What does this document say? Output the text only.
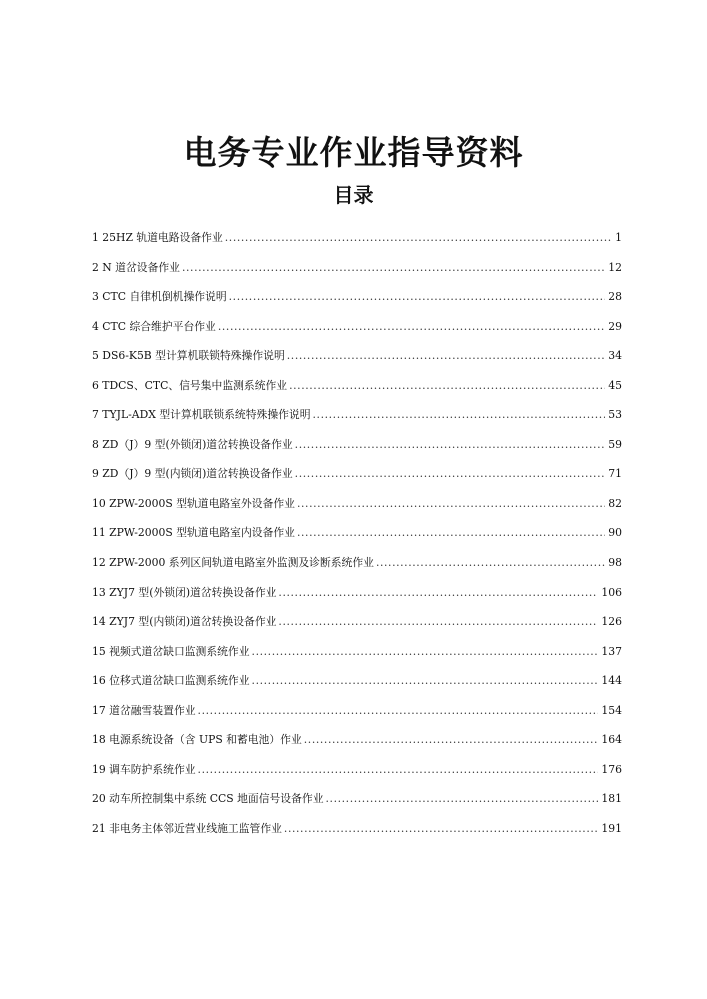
电务专业作业指导资料
目录
1 25HZ 轨道电路设备作业 .....	1
2 N 道岔设备作业 .....	12
3 CTC 自律机倒机操作说明 .....	28
4 CTC 综合维护平台作业 .....	29
5 DS6-K5B 型计算机联锁特殊操作说明 .....	34
6 TDCS、CTC、信号集中监测系统作业 .....	45
7 TYJL-ADX 型计算机联锁系统特殊操作说明 .....	53
8 ZD（J）9 型(外锁闭)道岔转换设备作业 .....	59
9 ZD（J）9 型(内锁闭)道岔转换设备作业 .....	71
10 ZPW-2000S 型轨道电路室外设备作业 .....	82
11 ZPW-2000S 型轨道电路室内设备作业 .....	90
12 ZPW-2000 系列区间轨道电路室外监测及诊断系统作业 .....	98
13 ZYJ7 型(外锁闭)道岔转换设备作业 .....	106
14 ZYJ7 型(内锁闭)道岔转换设备作业 .....	126
15 视频式道岔缺口监测系统作业 .....	137
16 位移式道岔缺口监测系统作业 .....	144
17 道岔融雪装置作业 .....	154
18 电源系统设备（含 UPS 和蓄电池）作业 .....	164
19 调车防护系统作业 .....	176
20 动车所控制集中系统 CCS 地面信号设备作业 .....	181
21 非电务主体邻近营业线施工监管作业 .....	191
